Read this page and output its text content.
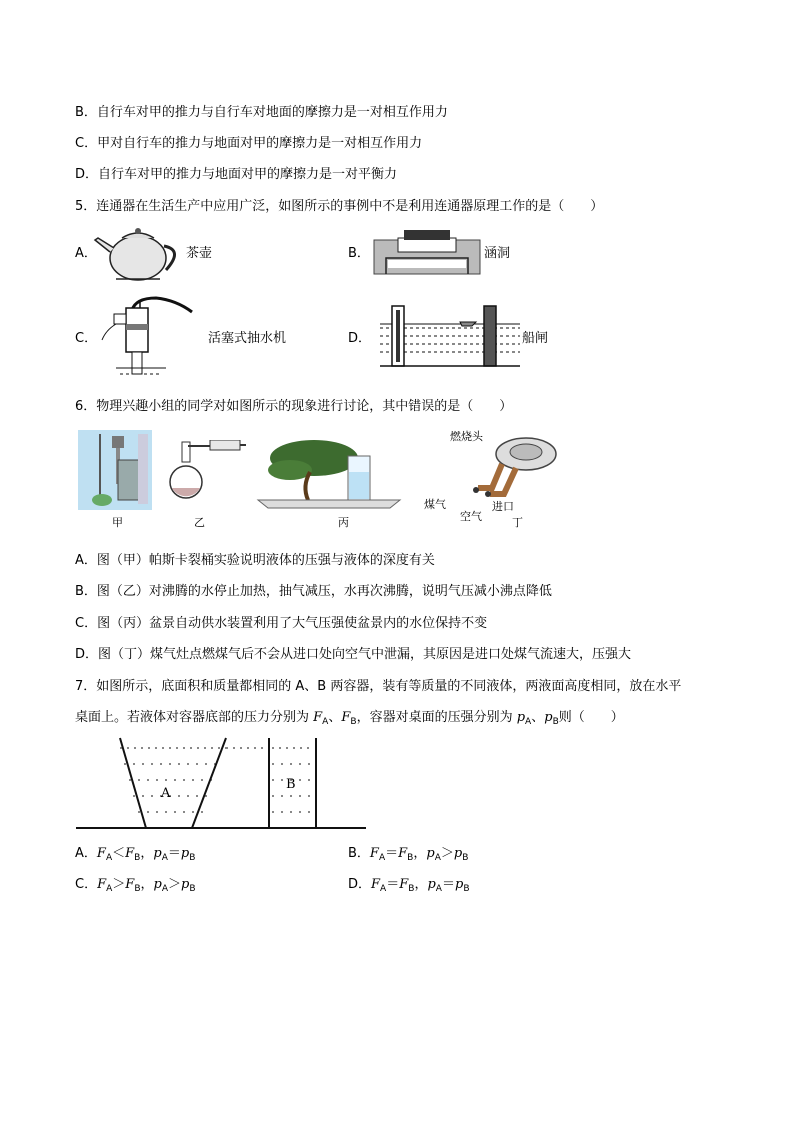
B．自行车对甲的推力与自行车对地面的摩擦力是一对相互作用力
C．甲对自行车的推力与地面对甲的摩擦力是一对相互作用力
D．自行车对甲的推力与地面对甲的摩擦力是一对平衡力
5．连通器在生活生产中应用广泛，如图所示的事例中不是利用连通器原理工作的是（　　）
A．	茶壶	B．	涵洞
C．	活塞式抽水机	D．	船闸
6．物理兴趣小组的同学对如图所示的现象进行讨论，其中错误的是（　　）
甲	乙	丙
燃烧头
煤气
空气
进口
丁
A．图（甲）帕斯卡裂桶实验说明液体的压强与液体的深度有关
B．图（乙）对沸腾的水停止加热，抽气减压，水再次沸腾，说明气压减小沸点降低
C．图（丙）盆景自动供水装置利用了大气压强使盆景内的水位保持不变
D．图（丁）煤气灶点燃煤气后不会从进口处向空气中泄漏，其原因是进口处煤气流速大，压强大
7．如图所示，底面积和质量都相同的 A、B 两容器，装有等质量的不同液体，两液面高度相同，放在水平
桌面上。若液体对容器底部的压力分别为 $F_A$、$F_B$，容器对桌面的压强分别为 $p_A$、$p_B$则（　　）
A
B
A．$F_A<F_B$，$p_A=p_B$	B．$F_A=F_B$，$p_A>p_B$
C．$F_A>F_B$，$p_A>p_B$	D．$F_A=F_B$，$p_A=p_B$
